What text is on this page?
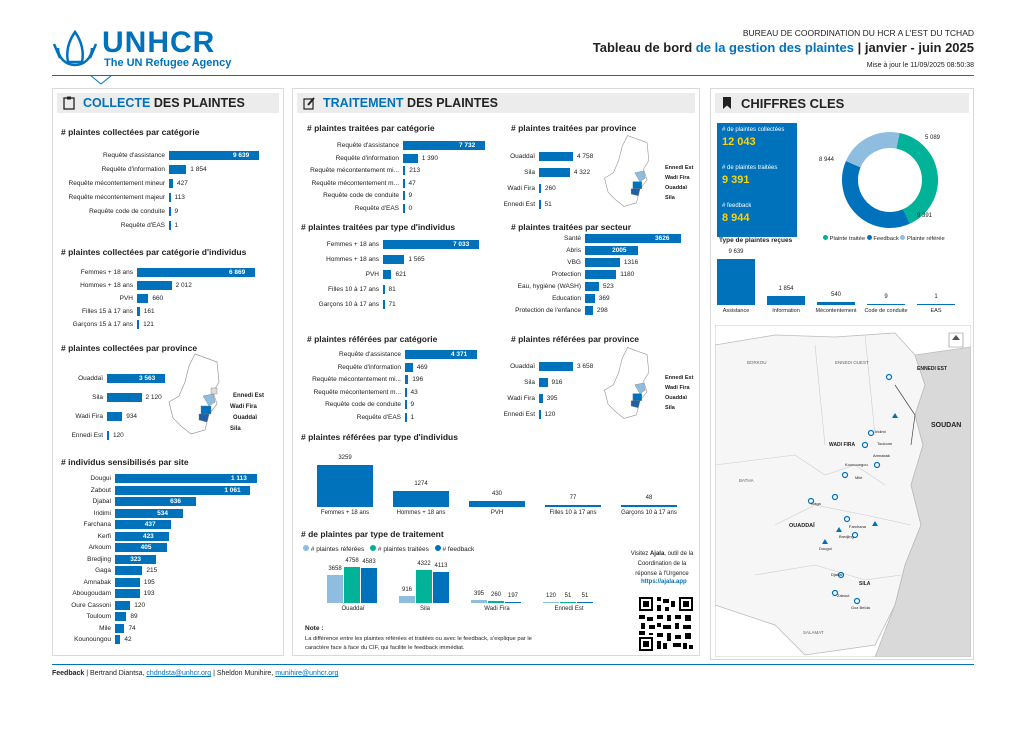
UNHCR
The UN Refugee Agency
BUREAU DE COORDINATION DU HCR A L'EST DU TCHAD
Tableau de bord de la gestion des plaintes | janvier - juin 2025
Mise à jour le 11/09/2025 08:50:38
COLLECTE DES PLAINTES
# plaintes collectées par catégorie
# plaintes collectées par catégorie d'individus
# plaintes collectées par province
Ennedi Est
Wadi Fira
Ouaddaï
Sila
# individus sensibilisés par site
Requête d'assistance	9 639
Requête d'information	1 854
Requête mécontentement mineur 427
Requête mécontentement majeur 113
Requête code de conduite 9
Requête d'EAS 1
Femmes + 18 ans	6 869
Hommes + 18 ans	2 012
PVH	660
Filles 15 à 17 ans 161
Garçons 15 à 17 ans 121
Ouaddaï	3 563
Sila	2 120
Wadi Fira	934
Ennedi Est 120
Dougui	1 113
Zabout	1 061
Djabal	636
Iridimi	534
Farchana	437
Kerfi	423
Arkoum	405
Bredjing	323
Gaga	215
Amnabak	195
Abougoudam	193
Oure Cassoni	120
Touloum	89
Mile	74
Kounoungou 42
TRAITEMENT DES PLAINTES
# plaintes traitées par catégorie	# plaintes traitées par province
Ennedi Est
Wadi Fira
Ouaddaï
Sila
# plaintes traitées par type d'individus	# plaintes traitées par secteur
# plaintes référées par catégorie	# plaintes référées par province
Ennedi Est
Wadi Fira
Ouaddaï
Sila
# plaintes référées par type d'individus
# de plaintes par type de traitement
# plaintes référées # plaintes traitées # feedback
Note :
La différence entre les plaintes référées et traitées ou avec le feedback, s'explique par le caractère face à face du CIF, qui facilite le feedback immédiat.
Visitez Ajala, outil de la Coordination de la réponse à l'Urgence
https://ajala.app
Requête d'assistance	7 732
Requête d'information	1 390
Requête mécontentement mi... 213
Requête mécontentement m... 47
Requête code de conduite 9
Requête d'EAS 0
Ouaddaï	4 758
Sila	4 322
Wadi Fira 260
Ennedi Est 51
Femmes + 18 ans	7 033
Hommes + 18 ans	1 565
PVH	621
Filles 10 à 17 ans 81
Garçons 10 à 17 ans 71
Santé	3626
Abris	2005
VBG	1316
Protection	1180
Eau, hygiène (WASH)	523
Education	369
Protection de l'enfance 298
Requête d'assistance	4 371
Requête d'information 469
Requête mécontentement mi... 196
Requête mécontentement m... 43
Requête code de conduite 9
Requête d'EAS 1
Ouaddaï	3 658
Sila	916
Wadi Fira 395
Ennedi Est 120
3259
Femmes + 18 ans
1274
Hommes + 18 ans
430
PVH
77
Filles 10 à 17 ans
48
Garçons 10 à 17 ans
3658
4758 4583
Ouaddaï
916
4322 4113
Sila
395	260	197
Wadi Fira
120	51	51
Ennedi Est
CHIFFRES CLES
# de plaintes collectées
12 043
# de plaintes traitées
9 391
# feedback
8 944
5 089
8 944
9 391
Plainte traitée Feedback Plainte référée
Type de plaintes reçues
BORKOU	ENNEDI OUEST
ENNEDI EST
WADI FIRA
SOUDAN
BATHA
OUADDAÏ
SILA
SALAMAT
Iridimi
Touloum
Amnabak
Farchana
Kounoungou
Mile
Bredjing
Gaga
Zabout
Dougui
Djabal
Goz Beïda
9 639
Assistance
1 854
Information
540
Mécontentement
9
Code de conduite
1
EAS
Feedback | Bertrand Diantsa, chdndsta@unhcr.org | Sheldon Munihire, munihire@unhcr.org
